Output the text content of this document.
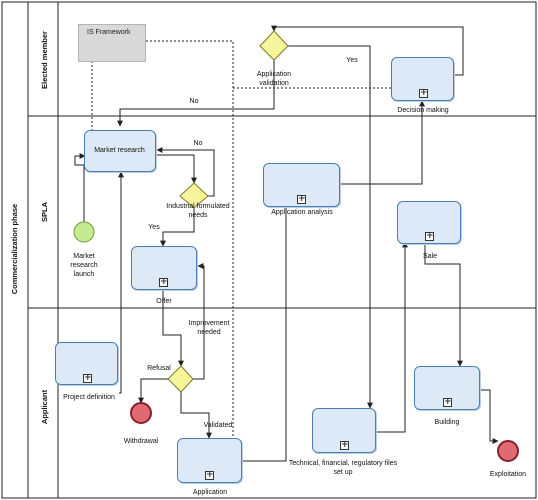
Commercialization phase
Elected member
SPLA
Applicant
IS Framework
Market research
+
Decision making
+
Application analysis
+
Sale
+
Offer
+
Project definition
+
Application
+
Technical, financial, regulatory files set up
+
Building
Application validation
Industrial formulated needs
Refusal
Market research launch
Withdrawal
Exploitation
Yes
No
No
Yes
Improvement needed
Validated
